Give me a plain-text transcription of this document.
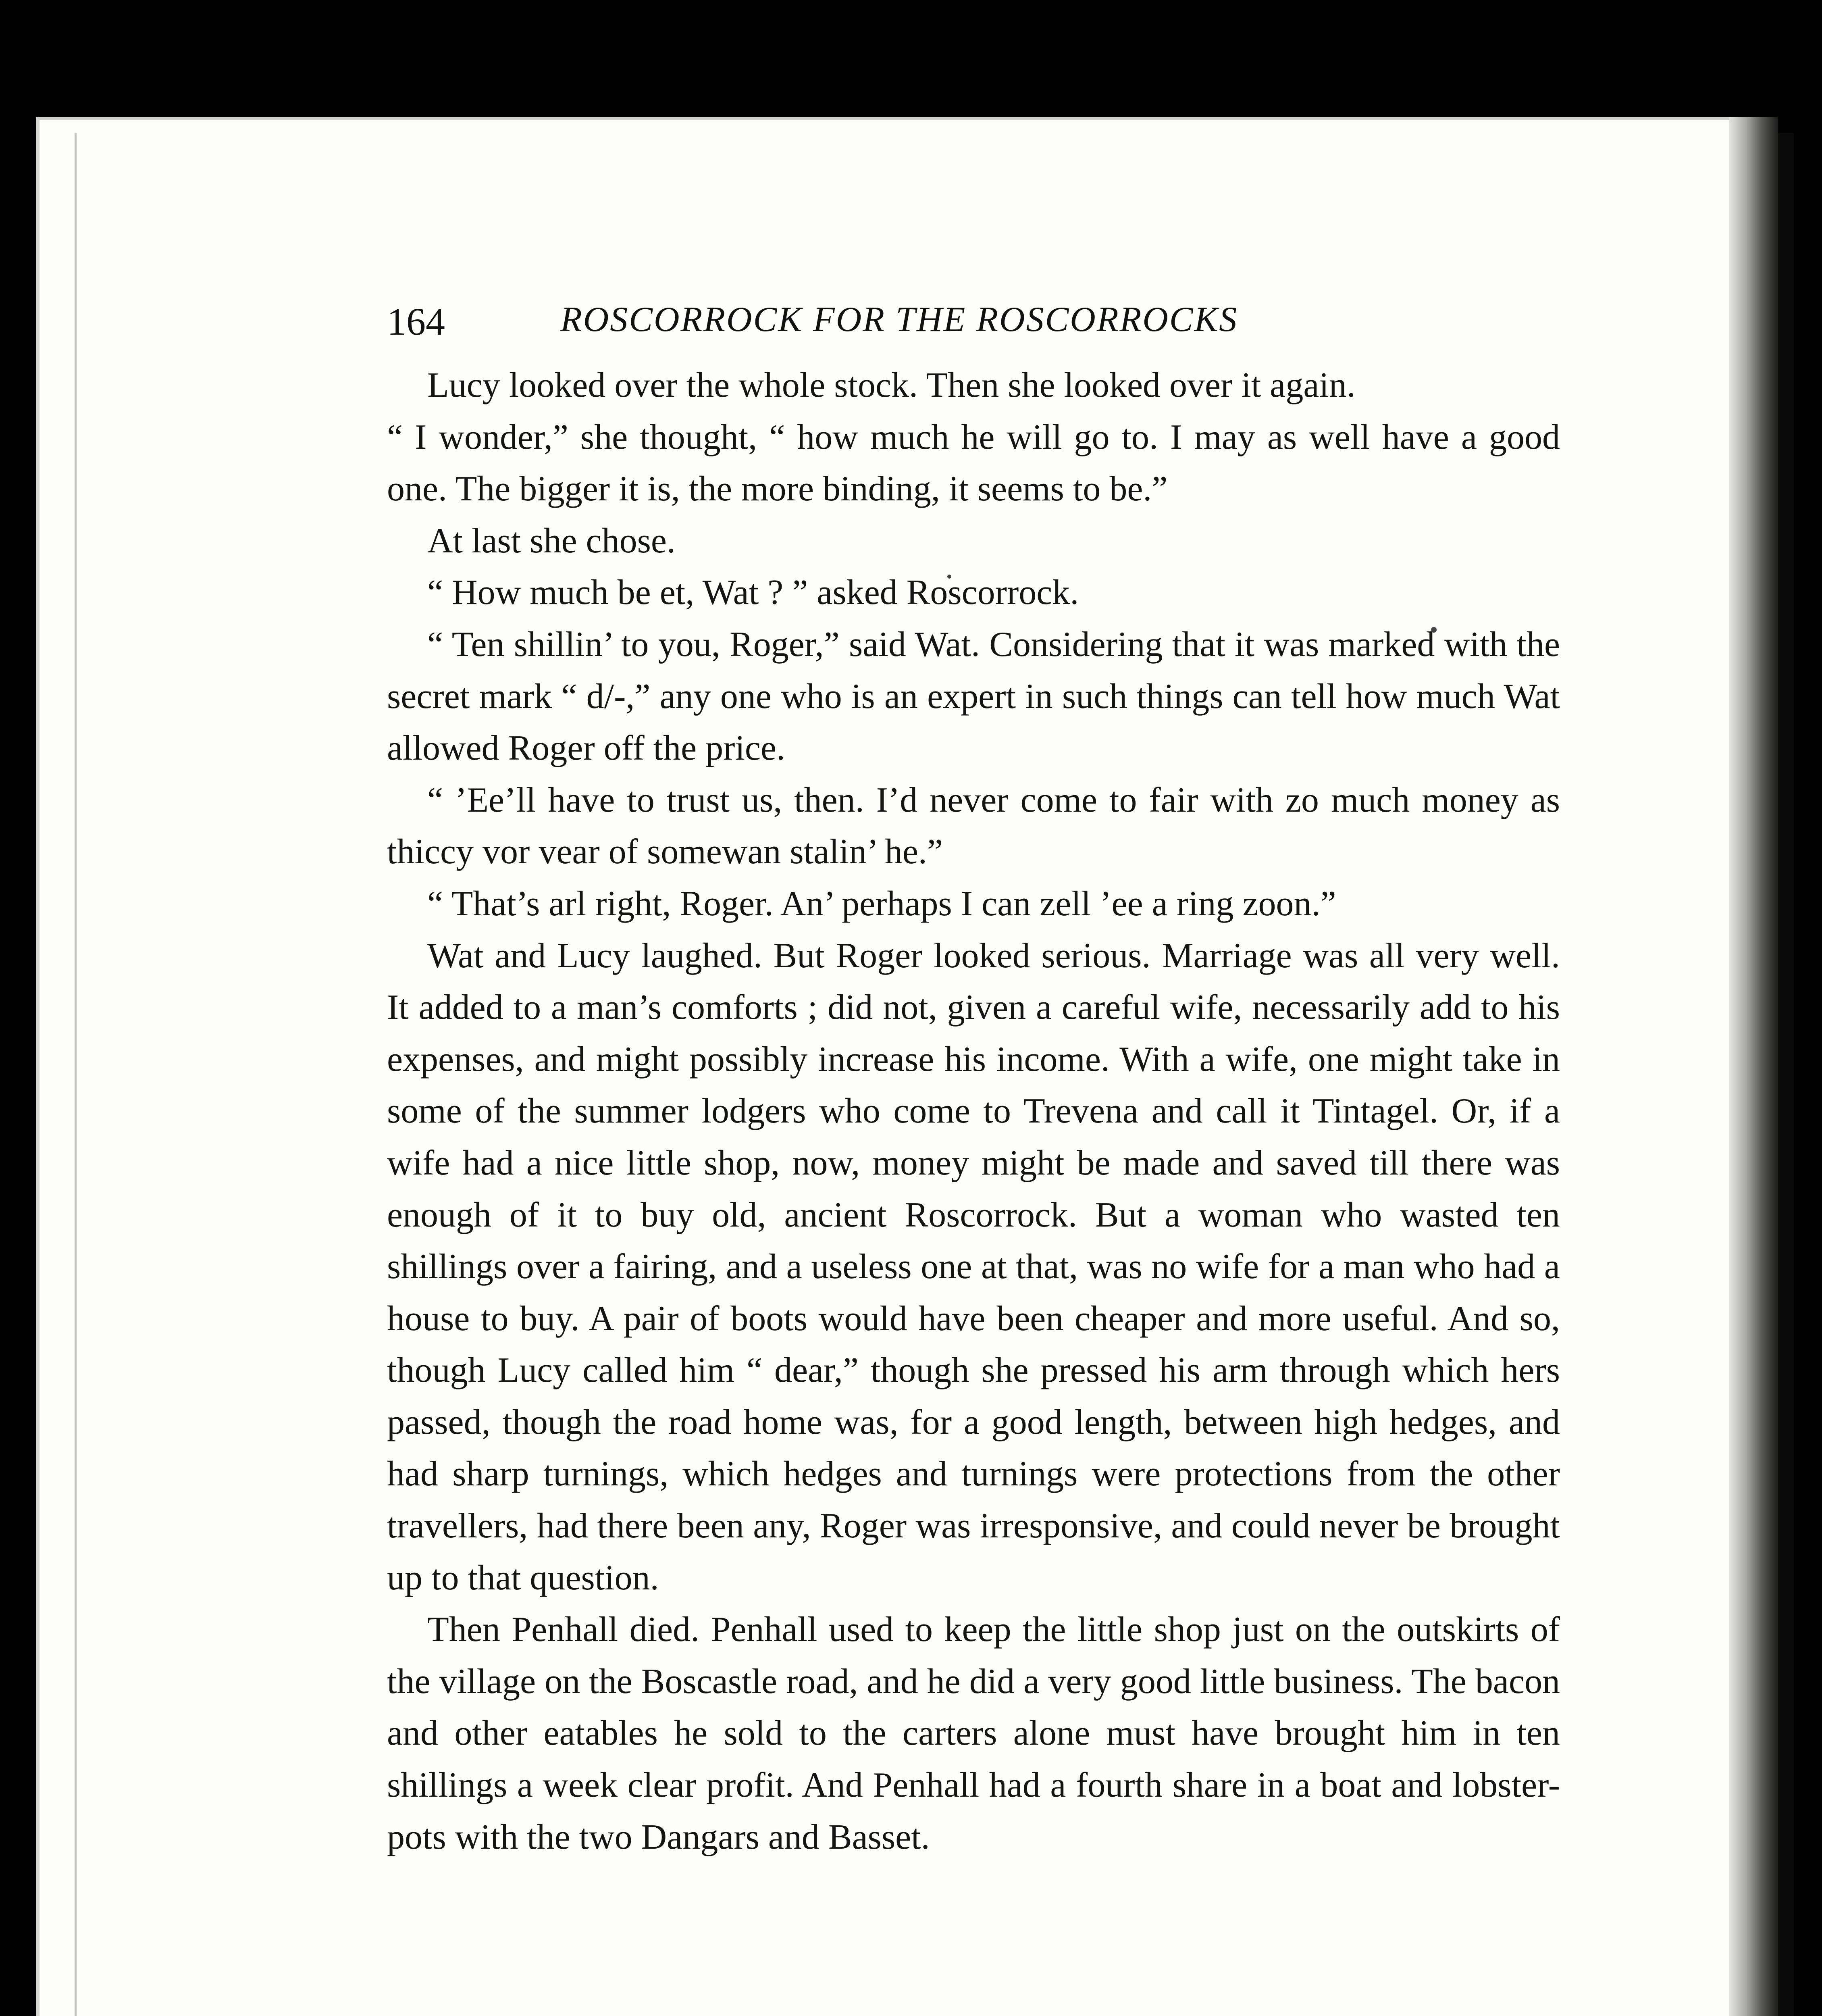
164	ROSCORROCK FOR THE ROSCORROCKS

Lucy looked over the whole stock. Then she looked over it again.

“ I wonder,” she thought, “ how much he will go to. I may as well have a good one. The bigger it is, the more binding, it seems to be.”

At last she chose.

“ How much be et, Wat ? ” asked Roscorrock.

“ Ten shillin’ to you, Roger,” said Wat. Considering that it was marked with the secret mark “ d/-,” any one who is an expert in such things can tell how much Wat allowed Roger off the price.

“ ’Ee’ll have to trust us, then. I’d never come to fair with zo much money as thiccy vor vear of somewan stalin’ he.”

“ That’s arl right, Roger. An’ perhaps I can zell ’ee a ring zoon.”

Wat and Lucy laughed. But Roger looked serious. Marriage was all very well. It added to a man’s comforts ; did not, given a careful wife, necessarily add to his expenses, and might possibly increase his income. With a wife, one might take in some of the summer lodgers who come to Trevena and call it Tintagel. Or, if a wife had a nice little shop, now, money might be made and saved till there was enough of it to buy old, ancient Roscorrock. But a woman who wasted ten shillings over a fairing, and a useless one at that, was no wife for a man who had a house to buy. A pair of boots would have been cheaper and more useful. And so, though Lucy called him “ dear,” though she pressed his arm through which hers passed, though the road home was, for a good length, between high hedges, and had sharp turnings, which hedges and turnings were protections from the other travellers, had there been any, Roger was irresponsive, and could never be brought up to that question.

Then Penhall died. Penhall used to keep the little shop just on the outskirts of the village on the Boscastle road, and he did a very good little business. The bacon and other eatables he sold to the carters alone must have brought him in ten shillings a week clear profit. And Penhall had a fourth share in a boat and lobster-pots with the two Dangars and Basset.
